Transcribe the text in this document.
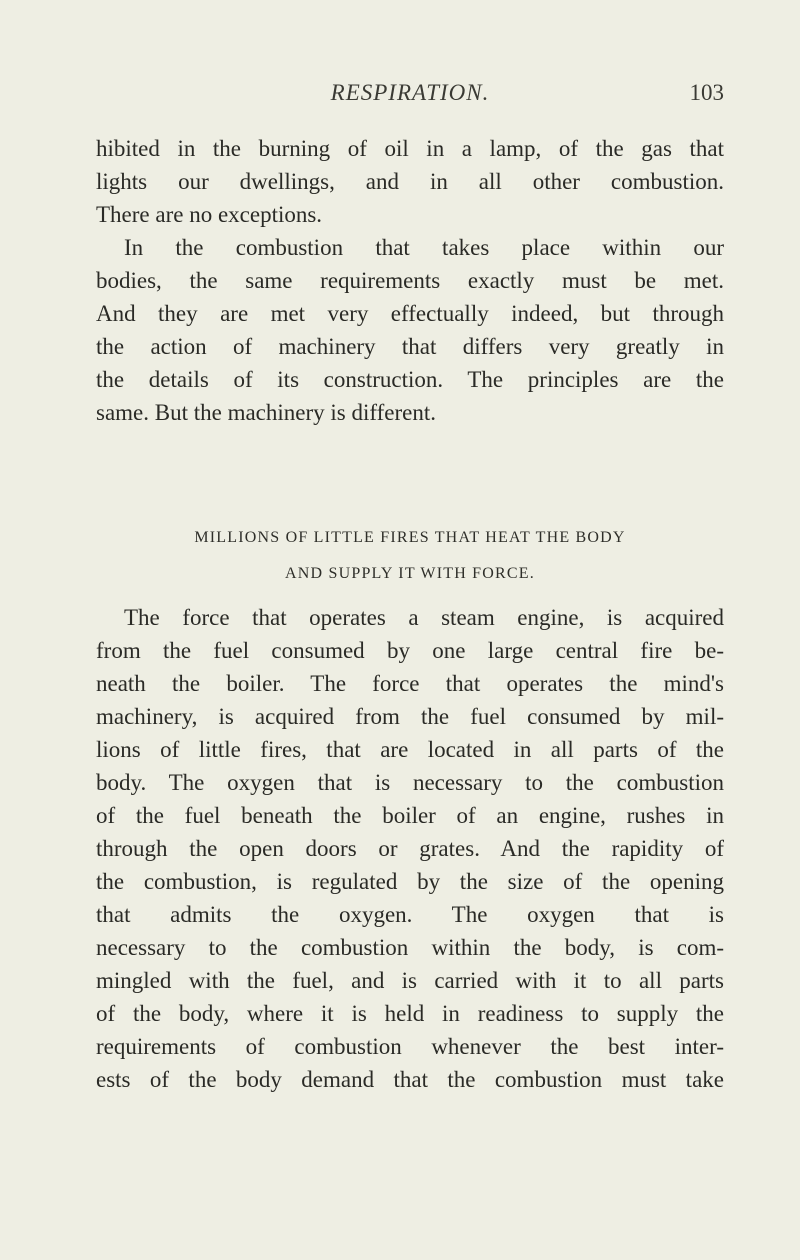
RESPIRATION.	103
hibited in the burning of oil in a lamp, of the gas that
lights our dwellings, and in all other combustion.
There are no exceptions.
In the combustion that takes place within our
bodies, the same requirements exactly must be met.
And they are met very effectually indeed, but through
the action of machinery that differs very greatly in
the details of its construction. The principles are the
same. But the machinery is different.
MILLIONS OF LITTLE FIRES THAT HEAT THE BODY
AND SUPPLY IT WITH FORCE.
The force that operates a steam engine, is acquired
from the fuel consumed by one large central fire be-
neath the boiler. The force that operates the mind's
machinery, is acquired from the fuel consumed by mil-
lions of little fires, that are located in all parts of the
body. The oxygen that is necessary to the combustion
of the fuel beneath the boiler of an engine, rushes in
through the open doors or grates. And the rapidity of
the combustion, is regulated by the size of the opening
that admits the oxygen. The oxygen that is
necessary to the combustion within the body, is com-
mingled with the fuel, and is carried with it to all parts
of the body, where it is held in readiness to supply the
requirements of combustion whenever the best inter-
ests of the body demand that the combustion must take
